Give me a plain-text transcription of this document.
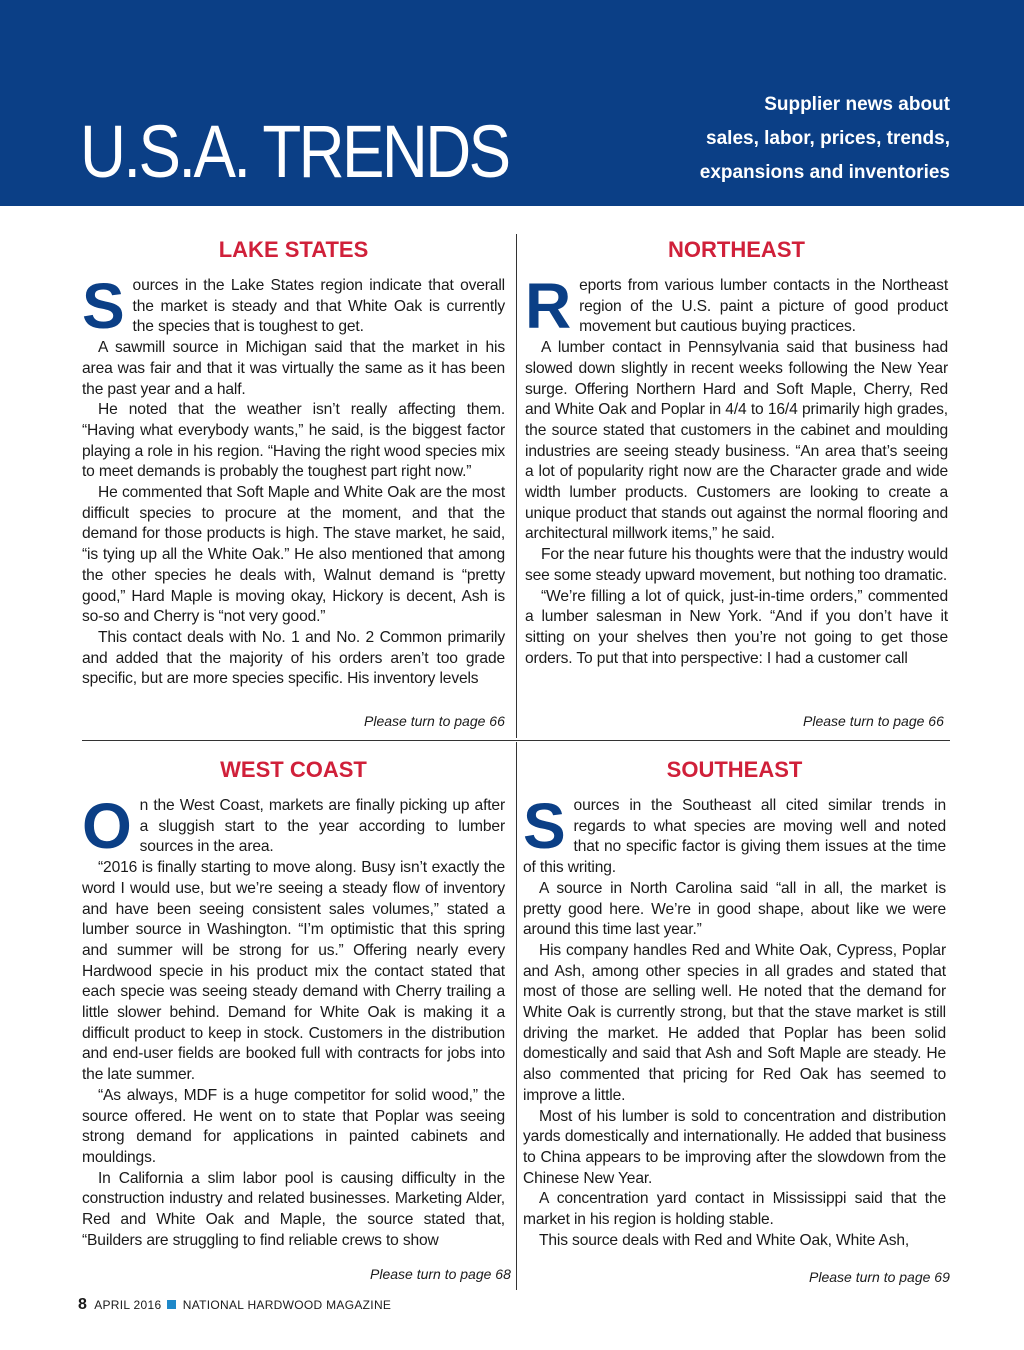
U.S.A. TRENDS
Supplier news about
sales, labor, prices, trends,
expansions and inventories
LAKE STATES

Sources in the Lake States region indicate that overall the market is steady and that White Oak is currently the species that is toughest to get.

A sawmill source in Michigan said that the market in his area was fair and that it was virtually the same as it has been the past year and a half.

He noted that the weather isn’t really affecting them. “Having what everybody wants,” he said, is the biggest factor playing a role in his region. “Having the right wood species mix to meet demands is probably the toughest part right now.”

He commented that Soft Maple and White Oak are the most difficult species to procure at the moment, and that the demand for those products is high. The stave market, he said, “is tying up all the White Oak.” He also mentioned that among the other species he deals with, Walnut demand is “pretty good,” Hard Maple is moving okay, Hickory is decent, Ash is so-so and Cherry is “not very good.”

This contact deals with No. 1 and No. 2 Common primarily and added that the majority of his orders aren’t too grade specific, but are more species specific. His inventory levels

Please turn to page 66
NORTHEAST

Reports from various lumber contacts in the Northeast region of the U.S. paint a picture of good product movement but cautious buying practices.

A lumber contact in Pennsylvania said that business had slowed down slightly in recent weeks following the New Year surge. Offering Northern Hard and Soft Maple, Cherry, Red and White Oak and Poplar in 4/4 to 16/4 primarily high grades, the source stated that customers in the cabinet and moulding industries are seeing steady business. “An area that’s seeing a lot of popularity right now are the Character grade and wide width lumber products. Customers are looking to create a unique product that stands out against the normal flooring and architectural millwork items,” he said.

For the near future his thoughts were that the industry would see some steady upward movement, but nothing too dramatic.

“We’re filling a lot of quick, just-in-time orders,” commented a lumber salesman in New York. “And if you don’t have it sitting on your shelves then you’re not going to get those orders. To put that into perspective: I had a customer call

Please turn to page 66
WEST COAST

On the West Coast, markets are finally picking up after a sluggish start to the year according to lumber sources in the area.

“2016 is finally starting to move along. Busy isn’t exactly the word I would use, but we’re seeing a steady flow of inventory and have been seeing consistent sales volumes,” stated a lumber source in Washington. “I’m optimistic that this spring and summer will be strong for us.” Offering nearly every Hardwood specie in his product mix the contact stated that each specie was seeing steady demand with Cherry trailing a little slower behind. Demand for White Oak is making it a difficult product to keep in stock. Customers in the distribution and end-user fields are booked full with contracts for jobs into the late summer.

“As always, MDF is a huge competitor for solid wood,” the source offered. He went on to state that Poplar was seeing strong demand for applications in painted cabinets and mouldings.

In California a slim labor pool is causing difficulty in the construction industry and related businesses. Marketing Alder, Red and White Oak and Maple, the source stated that, “Builders are struggling to find reliable crews to show

Please turn to page 68
SOUTHEAST

Sources in the Southeast all cited similar trends in regards to what species are moving well and noted that no specific factor is giving them issues at the time of this writing.

A source in North Carolina said “all in all, the market is pretty good here. We’re in good shape, about like we were around this time last year.”

His company handles Red and White Oak, Cypress, Poplar and Ash, among other species in all grades and stated that most of those are selling well. He noted that the demand for White Oak is currently strong, but that the stave market is still driving the market. He added that Poplar has been solid domestically and said that Ash and Soft Maple are steady. He also commented that pricing for Red Oak has seemed to improve a little.

Most of his lumber is sold to concentration and distribution yards domestically and internationally. He added that business to China appears to be improving after the slowdown from the Chinese New Year.

A concentration yard contact in Mississippi said that the market in his region is holding stable.

This source deals with Red and White Oak, White Ash,

Please turn to page 69
8 APRIL 2016 NATIONAL HARDWOOD MAGAZINE
